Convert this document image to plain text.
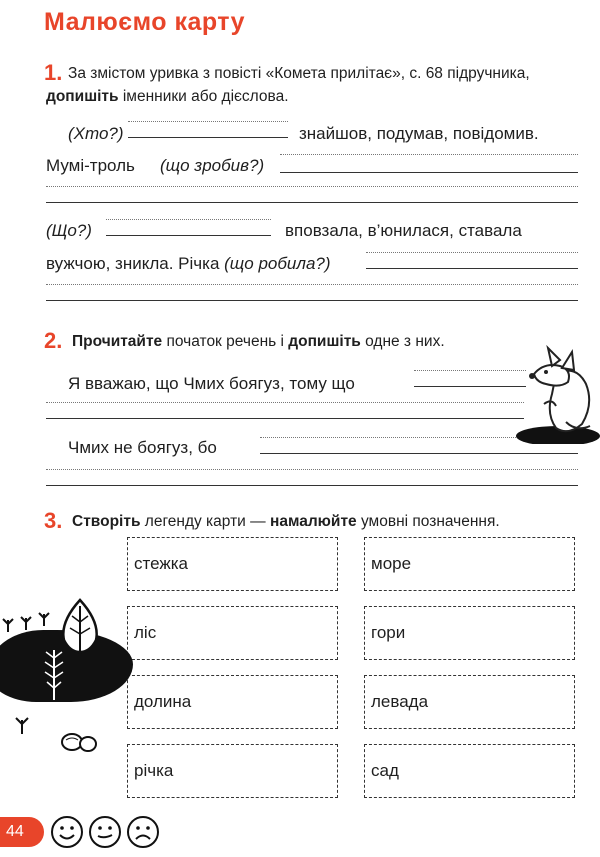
Малюємо карту
1. За змістом уривка з повісті «Комета прилітає», с. 68 підручника,
допишіть іменники або дієслова.
(Хто?)	знайшов, подумав, повідомив.
Мумі-троль (що зробив?)
(Що?)	вповзала, в’юнилася, ставала
вужчою, зникла. Річка (що робила?)
2. Прочитайте початок речень і допишіть одне з них.
Я вважаю, що Чмих боягуз, тому що
Чмих не боягуз, бо
3. Створіть легенду карти — намалюйте умовні позначення.
стежка	море
ліс	гори
долина	левада
річка	сад
44
